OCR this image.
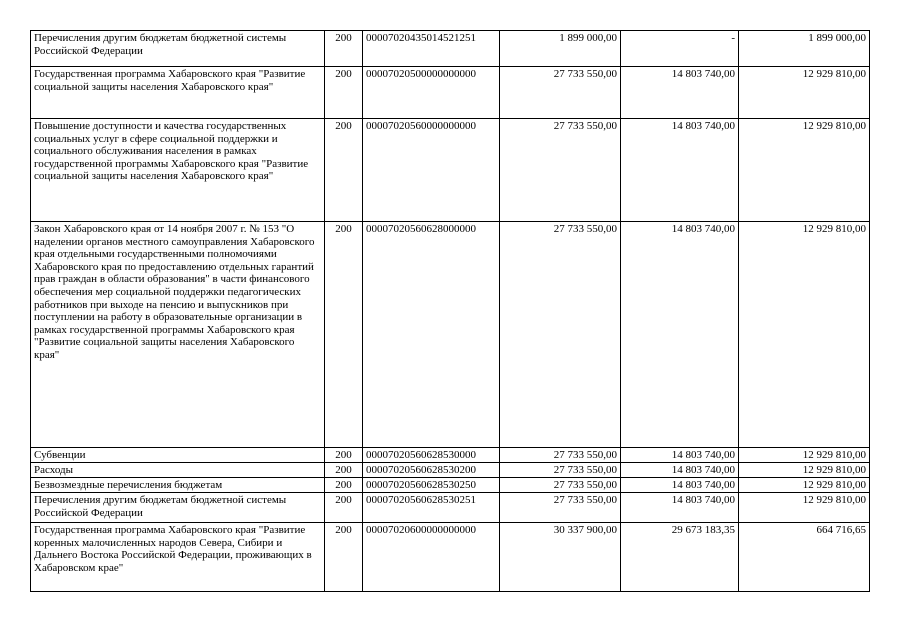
Перечисления другим бюджетам бюджетной системы Российской Федерации	200	00007020435014521251	1 899 000,00	-	1 899 000,00
Государственная программа Хабаровского края "Развитие социальной защиты населения Хабаровского края"	200	00007020500000000000	27 733 550,00	14 803 740,00	12 929 810,00
Повышение доступности и качества государственных социальных услуг в сфере социальной поддержки и социального обслуживания населения в рамках государственной программы Хабаровского края "Развитие социальной защиты населения Хабаровского края"	200	00007020560000000000	27 733 550,00	14 803 740,00	12 929 810,00
Закон Хабаровского края от 14 ноября 2007 г. № 153 "О наделении органов местного самоуправления Хабаровского края отдельными государственными полномочиями Хабаровского края по предоставлению отдельных гарантий прав граждан в области образования" в части финансового обеспечения мер социальной поддержки педагогических работников при выходе на пенсию и выпускников при поступлении на работу в образовательные организации в рамках государственной программы Хабаровского края "Развитие социальной защиты населения Хабаровского края"	200	00007020560628000000	27 733 550,00	14 803 740,00	12 929 810,00
Субвенции	200	00007020560628530000	27 733 550,00	14 803 740,00	12 929 810,00
Расходы	200	00007020560628530200	27 733 550,00	14 803 740,00	12 929 810,00
Безвозмездные перечисления бюджетам	200	00007020560628530250	27 733 550,00	14 803 740,00	12 929 810,00
Перечисления другим бюджетам бюджетной системы Российской Федерации	200	00007020560628530251	27 733 550,00	14 803 740,00	12 929 810,00
Государственная программа Хабаровского края "Развитие коренных малочисленных народов Севера, Сибири и Дальнего Востока Российской Федерации, проживающих в Хабаровском крае"	200	00007020600000000000	30 337 900,00	29 673 183,35	664 716,65
